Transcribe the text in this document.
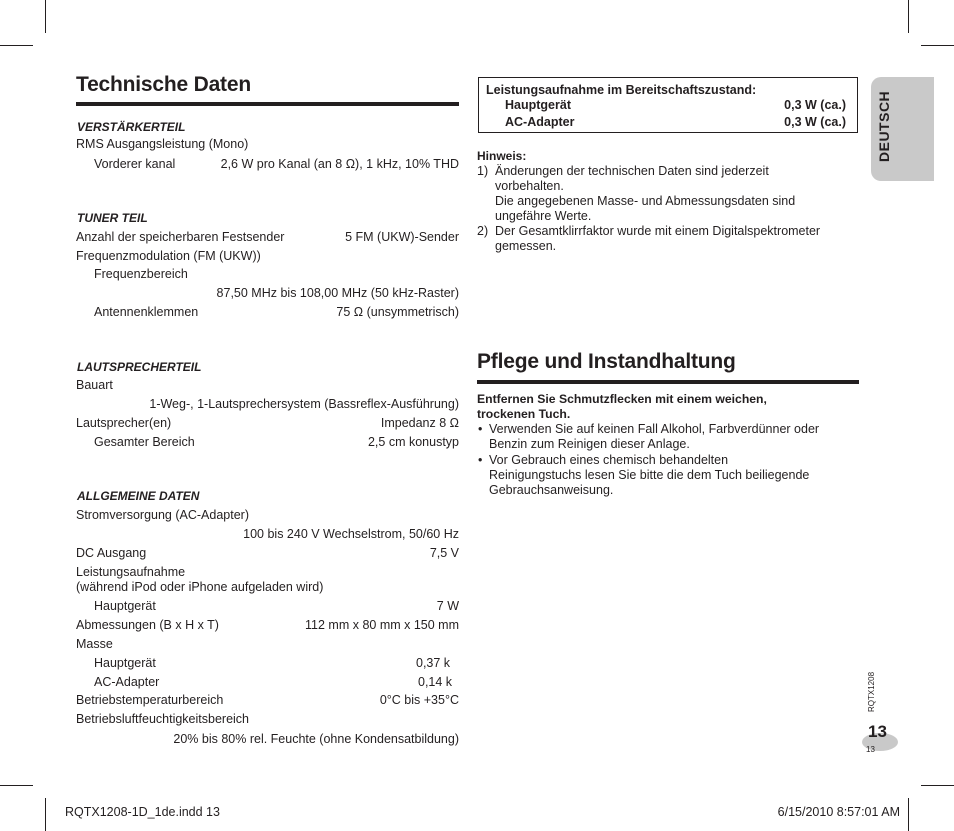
Technische Daten
VERSTÄRKERTEIL
RMS Ausgangsleistung (Mono)
Vorderer kanal	2,6 W pro Kanal (an 8 Ω), 1 kHz, 10% THD
TUNER TEIL
Anzahl der speicherbaren Festsender	5 FM (UKW)-Sender
Frequenzmodulation (FM (UKW))
Frequenzbereich
87,50 MHz bis 108,00 MHz (50 kHz-Raster)
Antennenklemmen	75 Ω (unsymmetrisch)
LAUTSPRECHERTEIL
Bauart
1-Weg-, 1-Lautsprechersystem (Bassreflex-Ausführung)
Lautsprecher(en)	Impedanz 8 Ω
Gesamter Bereich	2,5 cm konustyp
ALLGEMEINE DATEN
Stromversorgung (AC-Adapter)
100 bis 240 V Wechselstrom, 50/60 Hz
DC Ausgang	7,5 V
Leistungsaufnahme
(während iPod oder iPhone aufgeladen wird)
Hauptgerät	7 W
Abmessungen (B x H x T)	112 mm x 80 mm x 150 mm
Masse
Hauptgerät	0,37 k
AC-Adapter	0,14 k
Betriebstemperaturbereich	0°C bis +35°C
Betriebsluftfeuchtigkeitsbereich
20% bis 80% rel. Feuchte (ohne Kondensatbildung)
Leistungsaufnahme im Bereitschaftszustand:
Hauptgerät	0,3 W (ca.)
AC-Adapter	0,3 W (ca.)
Hinweis:
1) Änderungen der technischen Daten sind jederzeit
vorbehalten.
Die angegebenen Masse- und Abmessungsdaten sind
ungefähre Werte.
2) Der Gesamtklirrfaktor wurde mit einem Digitalspektrometer
gemessen.
Pflege und Instandhaltung
Entfernen Sie Schmutzflecken mit einem weichen,
trockenen Tuch.
• Verwenden Sie auf keinen Fall Alkohol, Farbverdünner oder
Benzin zum Reinigen dieser Anlage.
• Vor Gebrauch eines chemisch behandelten
Reinigungstuchs lesen Sie bitte die dem Tuch beiliegende
Gebrauchsanweisung.
DEUTSCH
RQTX1208
13
13
RQTX1208-1D_1de.indd 13	6/15/2010 8:57:01 AM
